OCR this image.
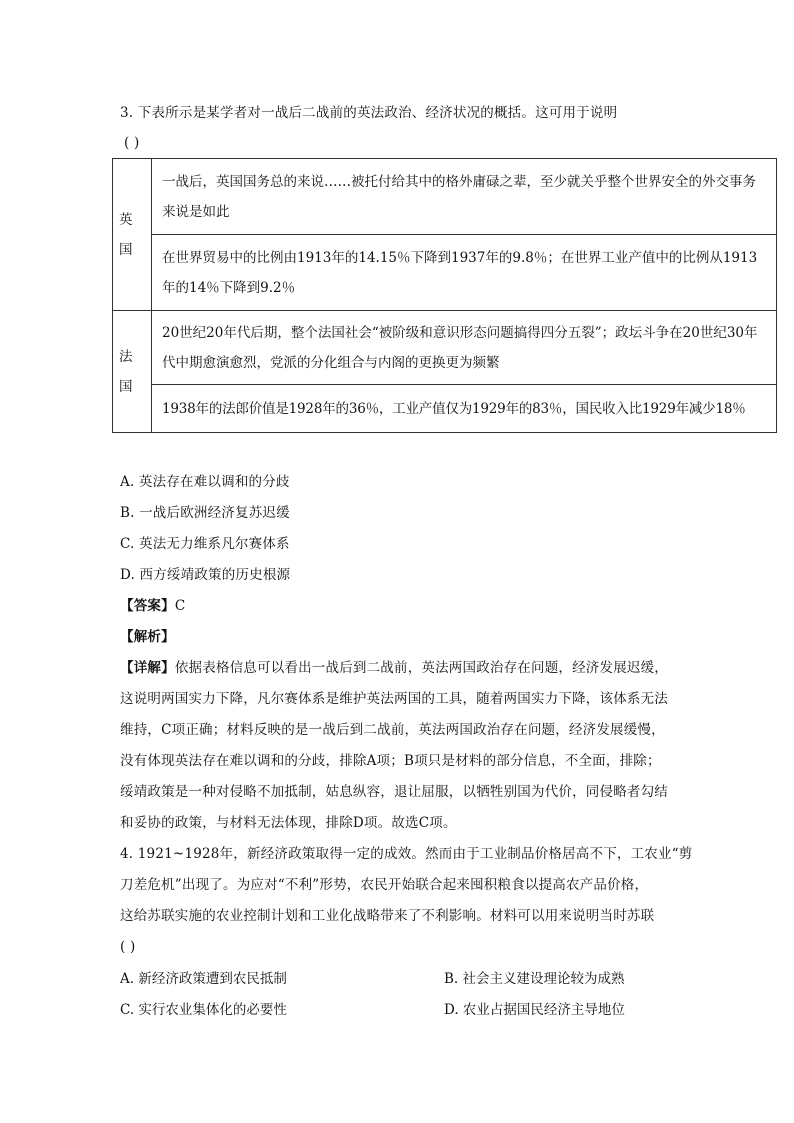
3. 下表所示是某学者对一战后二战前的英法政治、经济状况的概括。这可用于说明
( )
英国	一战后，英国国务总的来说……被托付给其中的格外庸碌之辈，至少就关乎整个世界安全的外交事务来说是如此
	在世界贸易中的比例由1913年的14.15％下降到1937年的9.8％；在世界工业产值中的比例从1913年的14％下降到9.2％
法国	20世纪20年代后期，整个法国社会“被阶级和意识形态问题搞得四分五裂”；政坛斗争在20世纪30年代中期愈演愈烈，党派的分化组合与内阁的更换更为频繁
	1938年的法郎价值是1928年的36％，工业产值仅为1929年的83％，国民收入比1929年减少18％
A. 英法存在难以调和的分歧
B. 一战后欧洲经济复苏迟缓
C. 英法无力维系凡尔赛体系
D. 西方绥靖政策的历史根源
【答案】C
【解析】
【详解】依据表格信息可以看出一战后到二战前，英法两国政治存在问题，经济发展迟缓，
这说明两国实力下降，凡尔赛体系是维护英法两国的工具，随着两国实力下降，该体系无法
维持，C项正确；材料反映的是一战后到二战前，英法两国政治存在问题，经济发展缓慢，
没有体现英法存在难以调和的分歧，排除A项；B项只是材料的部分信息，不全面，排除；
绥靖政策是一种对侵略不加抵制，姑息纵容，退让屈服，以牺牲别国为代价，同侵略者勾结
和妥协的政策，与材料无法体现，排除D项。故选C项。
4. 1921~1928年，新经济政策取得一定的成效。然而由于工业制品价格居高不下，工农业“剪
刀差危机”出现了。为应对“不利”形势，农民开始联合起来囤积粮食以提高农产品价格，
这给苏联实施的农业控制计划和工业化战略带来了不利影响。材料可以用来说明当时苏联
( )
A. 新经济政策遭到农民抵制	B. 社会主义建设理论较为成熟
C. 实行农业集体化的必要性	D. 农业占据国民经济主导地位
